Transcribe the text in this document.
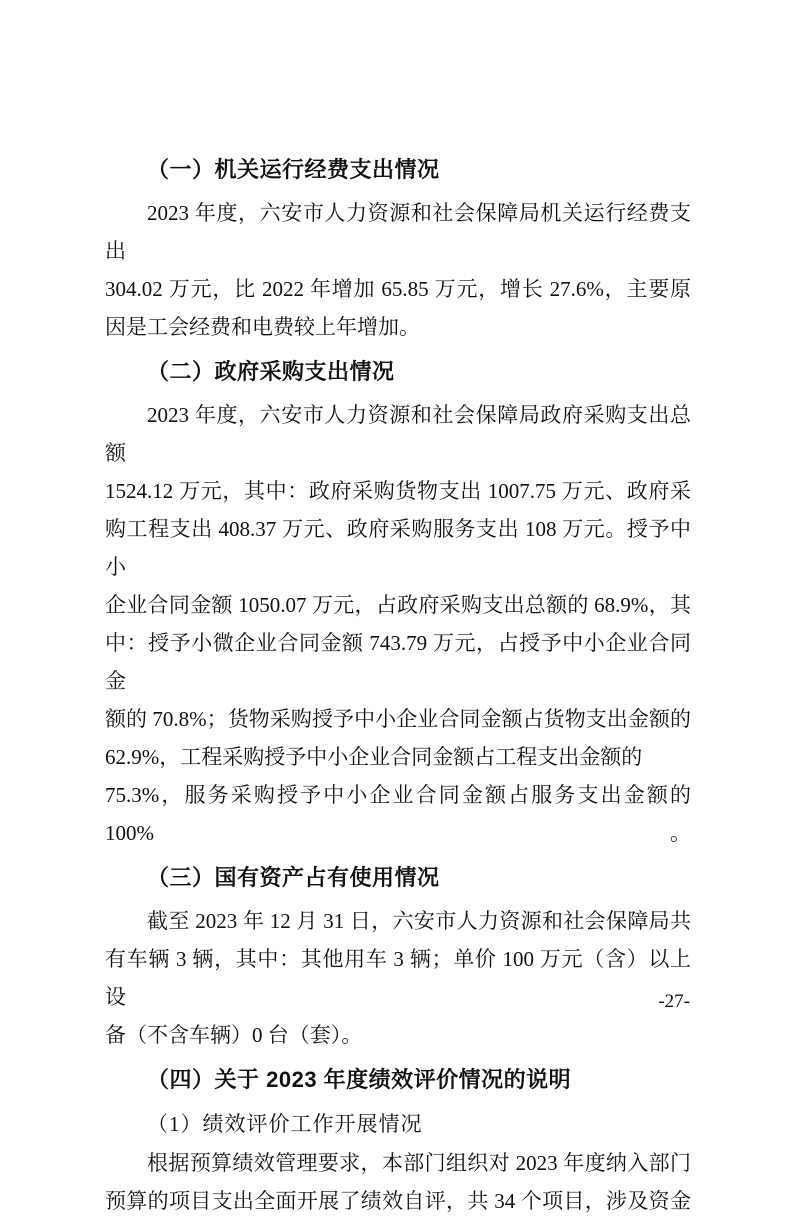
（一）机关运行经费支出情况

2023 年度，六安市人力资源和社会保障局机关运行经费支出

304.02 万元，比 2022 年增加 65.85 万元，增长 27.6%，主要原

因是工会经费和电费较上年增加。

（二）政府采购支出情况

2023 年度，六安市人力资源和社会保障局政府采购支出总额

1524.12 万元，其中：政府采购货物支出 1007.75 万元、政府采

购工程支出 408.37 万元、政府采购服务支出 108 万元。授予中小

企业合同金额 1050.07 万元，占政府采购支出总额的 68.9%，其

中：授予小微企业合同金额 743.79 万元，占授予中小企业合同金

额的 70.8%；货物采购授予中小企业合同金额占货物支出金额的

62.9%，工程采购授予中小企业合同金额占工程支出金额的

75.3%，服务采购授予中小企业合同金额占服务支出金额的 100%。

（三）国有资产占有使用情况

截至 2023 年 12 月 31 日，六安市人力资源和社会保障局共

有车辆 3 辆，其中：其他用车 3 辆；单价 100 万元（含）以上设

备（不含车辆）0 台（套）。

（四）关于 2023 年度绩效评价情况的说明

（1）绩效评价工作开展情况

根据预算绩效管理要求，本部门组织对 2023 年度纳入部门

预算的项目支出全面开展了绩效自评，共 34 个项目，涉及资金

-27-
